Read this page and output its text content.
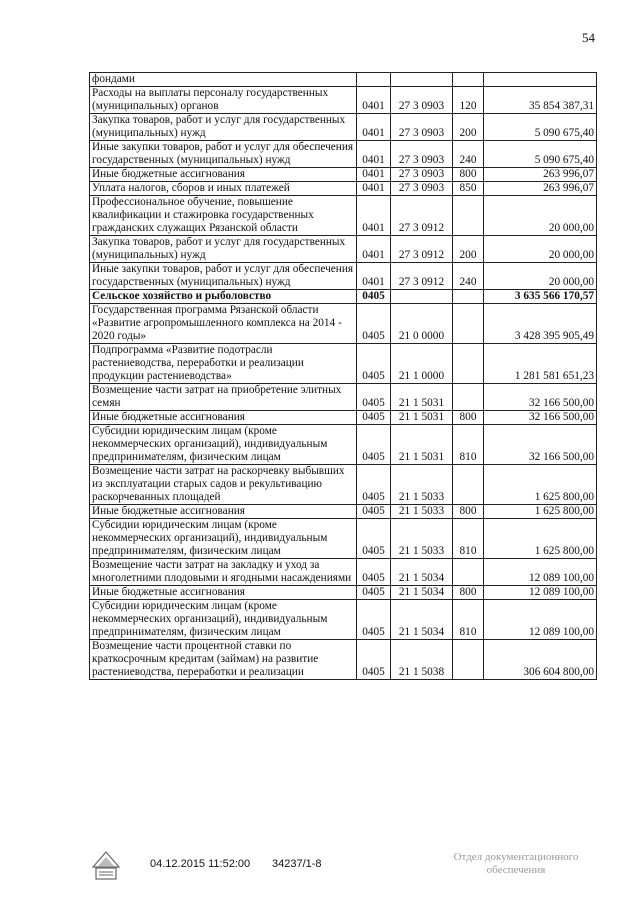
54
фондами				
Расходы на выплаты персоналу государственных (муниципальных) органов	0401	27 3 0903	120	35 854 387,31
Закупка товаров, работ и услуг для государственных (муниципальных) нужд	0401	27 3 0903	200	5 090 675,40
Иные закупки товаров, работ и услуг для обеспечения государственных (муниципальных) нужд	0401	27 3 0903	240	5 090 675,40
Иные бюджетные ассигнования	0401	27 3 0903	800	263 996,07
Уплата налогов, сборов и иных платежей	0401	27 3 0903	850	263 996,07
Профессиональное обучение, повышение квалификации и стажировка государственных гражданских служащих Рязанской области	0401	27 3 0912		20 000,00
Закупка товаров, работ и услуг для государственных (муниципальных) нужд	0401	27 3 0912	200	20 000,00
Иные закупки товаров, работ и услуг для обеспечения государственных (муниципальных) нужд	0401	27 3 0912	240	20 000,00
Сельское хозяйство и рыболовство	0405			3 635 566 170,57
Государственная программа Рязанской области «Развитие агропромышленного комплекса на 2014 - 2020 годы»	0405	21 0 0000		3 428 395 905,49
Подпрограмма «Развитие подотрасли растениеводства, переработки и реализации продукции растениеводства»	0405	21 1 0000		1 281 581 651,23
Возмещение части затрат на приобретение элитных семян	0405	21 1 5031		32 166 500,00
Иные бюджетные ассигнования	0405	21 1 5031	800	32 166 500,00
Субсидии юридическим лицам (кроме некоммерческих организаций), индивидуальным предпринимателям, физическим лицам	0405	21 1 5031	810	32 166 500,00
Возмещение части затрат на раскорчевку выбывших из эксплуатации старых садов и рекультивацию раскорчеванных площадей	0405	21 1 5033		1 625 800,00
Иные бюджетные ассигнования	0405	21 1 5033	800	1 625 800,00
Субсидии юридическим лицам (кроме некоммерческих организаций), индивидуальным предпринимателям, физическим лицам	0405	21 1 5033	810	1 625 800,00
Возмещение части затрат на закладку и уход за многолетними плодовыми и ягодными насаждениями	0405	21 1 5034		12 089 100,00
Иные бюджетные ассигнования	0405	21 1 5034	800	12 089 100,00
Субсидии юридическим лицам (кроме некоммерческих организаций), индивидуальным предпринимателям, физическим лицам	0405	21 1 5034	810	12 089 100,00
Возмещение части процентной ставки по краткосрочным кредитам (займам) на развитие растениеводства, переработки и реализации	0405	21 1 5038		306 604 800,00
04.12.2015 11:52:00 34237/1-8
Отдел документационного обеспечения
